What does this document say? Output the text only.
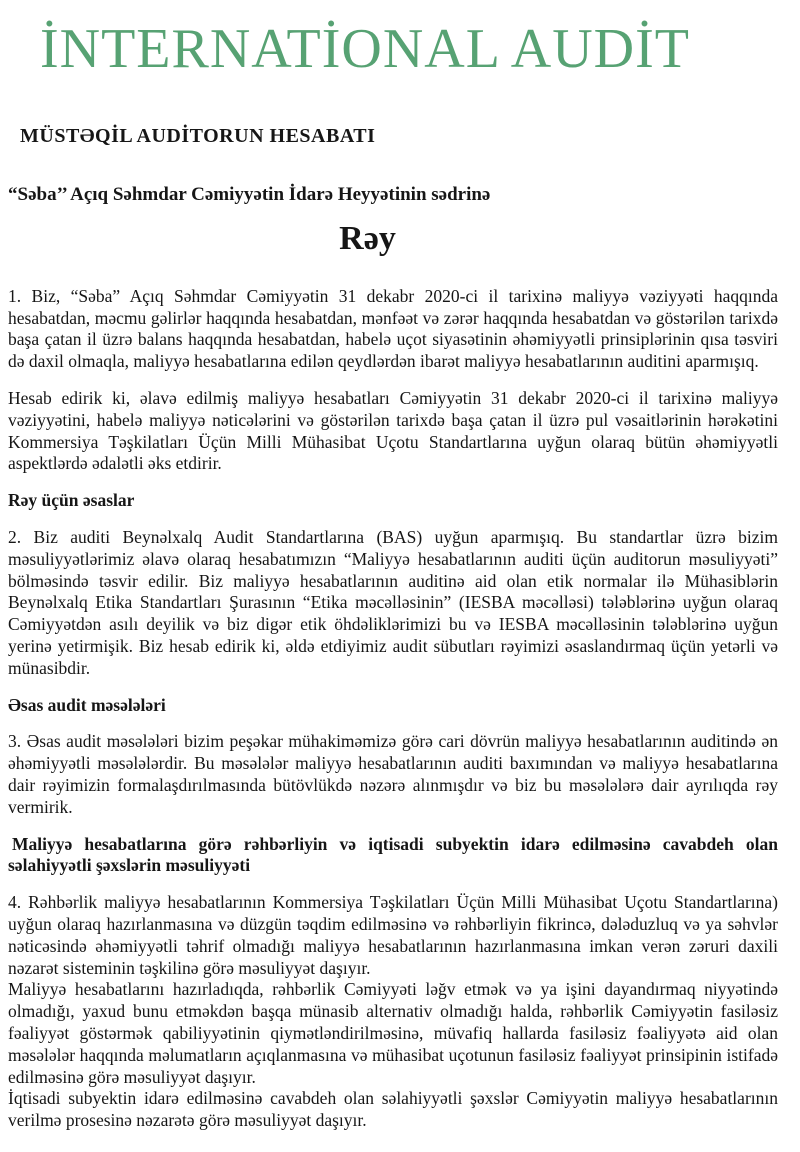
İNTERNATİONAL AUDİT
MÜSTƏQİL AUDİTORUN HESABATI
“Səba’’ Açıq Səhmdar Cəmiyyətin İdarə Heyyətinin sədrinə
Rəy
1. Biz, “Səba” Açıq Səhmdar Cəmiyyətin 31 dekabr 2020-ci il tarixinə maliyyə vəziyyəti haqqında hesabatdan, məcmu gəlirlər haqqında hesabatdan, mənfəət və zərər haqqında hesabatdan və göstərilən tarixdə başa çatan il üzrə balans haqqında hesabatdan, habelə uçot siyasətinin əhəmiyyətli prinsiplərinin qısa təsviri də daxil olmaqla, maliyyə hesabatlarına edilən qeydlərdən ibarət maliyyə hesabatlarının auditini aparmışıq.
Hesab edirik ki, əlavə edilmiş maliyyə hesabatları Cəmiyyətin 31 dekabr 2020-ci il tarixinə maliyyə vəziyyətini, habelə maliyyə nəticələrini və göstərilən tarixdə başa çatan il üzrə pul vəsaitlərinin hərəkətini Kommersiya Təşkilatları Üçün Milli Mühasibat Uçotu Standartlarına uyğun olaraq bütün əhəmiyyətli aspektlərdə ədalətli əks etdirir.
Rəy üçün əsaslar
2. Biz auditi Beynəlxalq Audit Standartlarına (BAS) uyğun aparmışıq. Bu standartlar üzrə bizim məsuliyyətlərimiz əlavə olaraq hesabatımızın “Maliyyə hesabatlarının auditi üçün auditorun məsuliyyəti” bölməsində təsvir edilir. Biz maliyyə hesabatlarının auditinə aid olan etik normalar ilə Mühasiblərin Beynəlxalq Etika Standartları Şurasının “Etika məcəlləsinin” (IESBA məcəlləsi) tələblərinə uyğun olaraq Cəmiyyətdən asılı deyilik və biz digər etik öhdəliklərimizi bu və IESBA məcəlləsinin tələblərinə uyğun yerinə yetirmişik. Biz hesab edirik ki, əldə etdiyimiz audit sübutları rəyimizi əsaslandırmaq üçün yetərli və münasibdir.
Əsas audit məsələləri
3. Əsas audit məsələləri bizim peşəkar mühakiməmizə görə cari dövrün maliyyə hesabatlarının auditində ən əhəmiyyətli məsələlərdir. Bu məsələlər maliyyə hesabatlarının auditi baxımından və maliyyə hesabatlarına dair rəyimizin formalaşdırılmasında bütövlükdə nəzərə alınmışdır və biz bu məsələlərə dair ayrılıqda rəy vermirik.
Maliyyə hesabatlarına görə rəhbərliyin və iqtisadi subyektin idarə edilməsinə cavabdeh olan səlahiyyətli şəxslərin məsuliyyəti
4. Rəhbərlik maliyyə hesabatlarının Kommersiya Təşkilatları Üçün Milli Mühasibat Uçotu Standartlarına) uyğun olaraq hazırlanmasına və düzgün təqdim edilməsinə və rəhbərliyin fikrincə, dələduzluq və ya səhvlər nəticəsində əhəmiyyətli təhrif olmadığı maliyyə hesabatlarının hazırlanmasına imkan verən zəruri daxili nəzarət sisteminin təşkilinə görə məsuliyyət daşıyır.
Maliyyə hesabatlarını hazırladıqda, rəhbərlik Cəmiyyəti ləğv etmək və ya işini dayandırmaq niyyətində olmadığı, yaxud bunu etməkdən başqa münasib alternativ olmadığı halda, rəhbərlik Cəmiyyətin fasiləsiz fəaliyyət göstərmək qabiliyyətinin qiymətləndirilməsinə, müvafiq hallarda fasiləsiz fəaliyyətə aid olan məsələlər haqqında məlumatların açıqlanmasına və mühasibat uçotunun fasiləsiz fəaliyyət prinsipinin istifadə edilməsinə görə məsuliyyət daşıyır.
İqtisadi subyektin idarə edilməsinə cavabdeh olan səlahiyyətli şəxslər Cəmiyyətin maliyyə hesabatlarının verilmə prosesinə nəzarətə görə məsuliyyət daşıyır.
